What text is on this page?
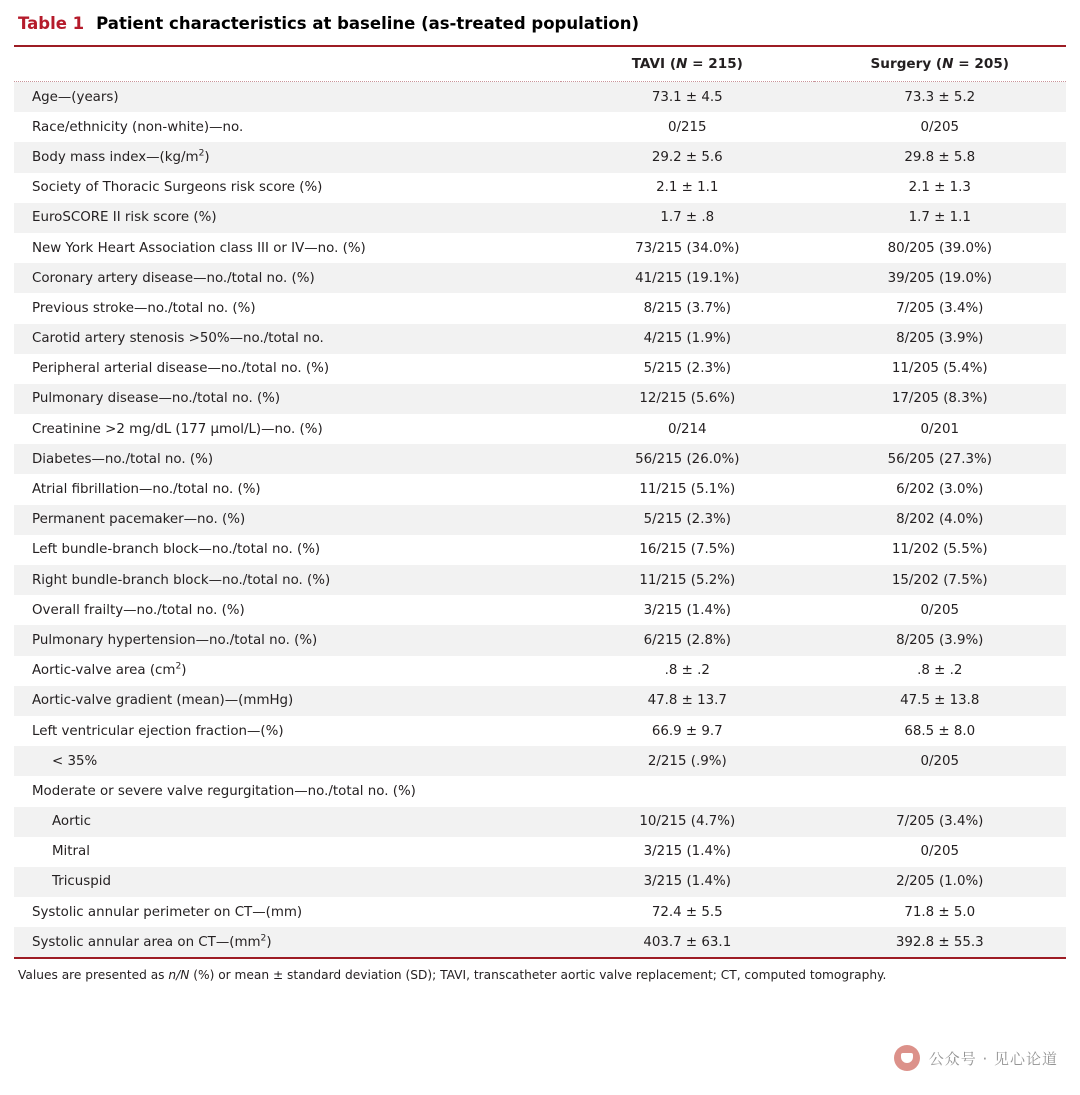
Table 1 Patient characteristics at baseline (as-treated population)
	TAVI (N = 215)	Surgery (N = 205)
Age—(years)	73.1 ± 4.5	73.3 ± 5.2
Race/ethnicity (non-white)—no.	0/215	0/205
Body mass $index—(kg/m^2)$	29.2 ± 5.6	29.8 ± 5.8
Society of Thoracic Surgeons risk score (%)	2.1 ± 1.1	2.1 ± 1.3
EuroSCORE II risk score (%)	1.7 ± .8	1.7 ± 1.1
New York Heart Association class III or IV—no. (%)	73/215 (34.0%)	80/205 (39.0%)
Coronary artery disease—no./total no. (%)	41/215 (19.1%)	39/205 (19.0%)
Previous stroke—no./total no. (%)	8/215 (3.7%)	7/205 (3.4%)
Carotid artery stenosis >50%—no./total no.	4/215 (1.9%)	8/205 (3.9%)
Peripheral arterial disease—no./total no. (%)	5/215 (2.3%)	11/205 (5.4%)
Pulmonary disease—no./total no. (%)	12/215 (5.6%)	17/205 (8.3%)
Creatinine >2 mg/dL (177 µmol/L)—no. (%)	0/214	0/201
Diabetes—no./total no. (%)	56/215 (26.0%)	56/205 (27.3%)
Atrial fibrillation—no./total no. (%)	11/215 (5.1%)	6/202 (3.0%)
Permanent pacemaker—no. (%)	5/215 (2.3%)	8/202 (4.0%)
Left bundle-branch block—no./total no. (%)	16/215 (7.5%)	11/202 (5.5%)
Right bundle-branch block—no./total no. (%)	11/215 (5.2%)	15/202 (7.5%)
Overall frailty—no./total no. (%)	3/215 (1.4%)	0/205
Pulmonary hypertension—no./total no. (%)	6/215 (2.8%)	8/205 (3.9%)
Aortic-valve area $(cm^2)$	.8 ± .2	.8 ± .2
Aortic-valve gradient (mean)—(mmHg)	47.8 ± 13.7	47.5 ± 13.8
Left ventricular ejection fraction—(%)	66.9 ± 9.7	68.5 ± 8.0
< 35%	2/215 (.9%)	0/205
Moderate or severe valve regurgitation—no./total no. (%)		
Aortic	10/215 (4.7%)	7/205 (3.4%)
Mitral	3/215 (1.4%)	0/205
Tricuspid	3/215 (1.4%)	2/205 (1.0%)
Systolic annular perimeter on CT—(mm)	72.4 ± 5.5	71.8 ± 5.0
Systolic annular area on $CT—(mm^2)$	403.7 ± 63.1	392.8 ± 55.3
Values are presented as n/N (%) or mean ± standard deviation (SD); TAVI, transcatheter aortic valve replacement; CT, computed tomography.
公众号 · 见心论道
